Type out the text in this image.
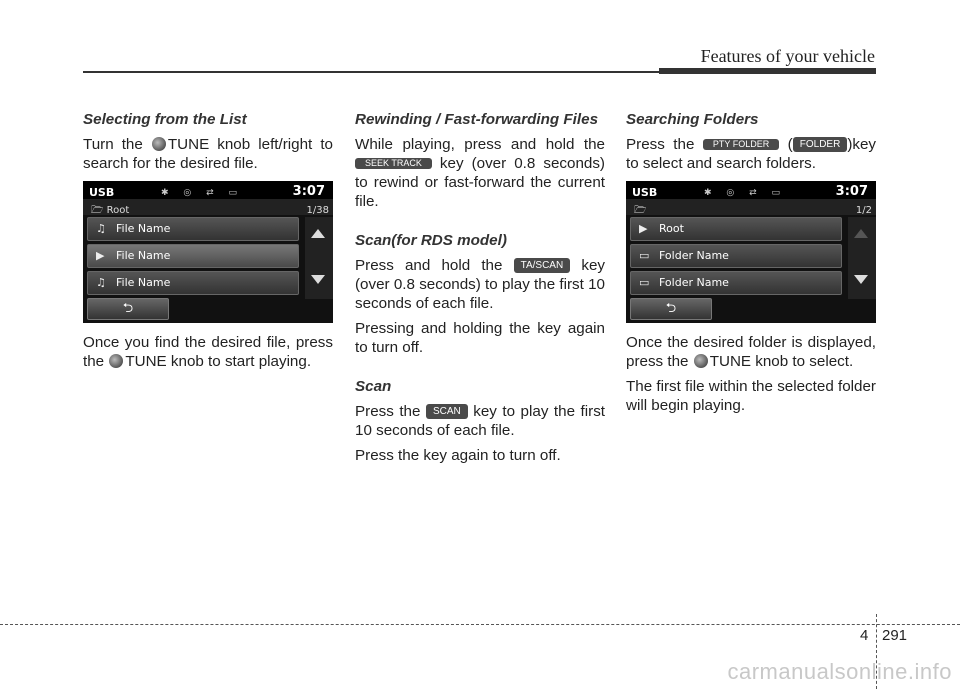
Features of your vehicle
Selecting from the List
Turn the TUNE knob left/right to search for the desired file.
USB	✱ ◎ ⇄ ▭	3:07
🗁 Root	1/38
♫ File Name
▶ File Name
♫ File Name
⮌
Once you find the desired file, press the TUNE knob to start playing.
Rewinding / Fast-forwarding Files
While playing, press and hold the SEEK TRACK key (over 0.8 seconds) to rewind or fast-forward the current file.
Scan(for RDS model)
Press and hold the TA/SCAN key (over 0.8 seconds) to play the first 10 seconds of each file.
Pressing and holding the key again to turn off.
Scan
Press the SCAN key to play the first 10 seconds of each file.
Press the key again to turn off.
Searching Folders
Press the PTY FOLDER ( FOLDER )key to select and search folders.
USB	✱ ◎ ⇄ ▭	3:07
🗁	1/2
▶ Root
▭ Folder Name
▭ Folder Name
⮌
Once the desired folder is displayed, press the TUNE knob to select.
The first file within the selected folder will begin playing.
4 291
carmanualsonline.info
